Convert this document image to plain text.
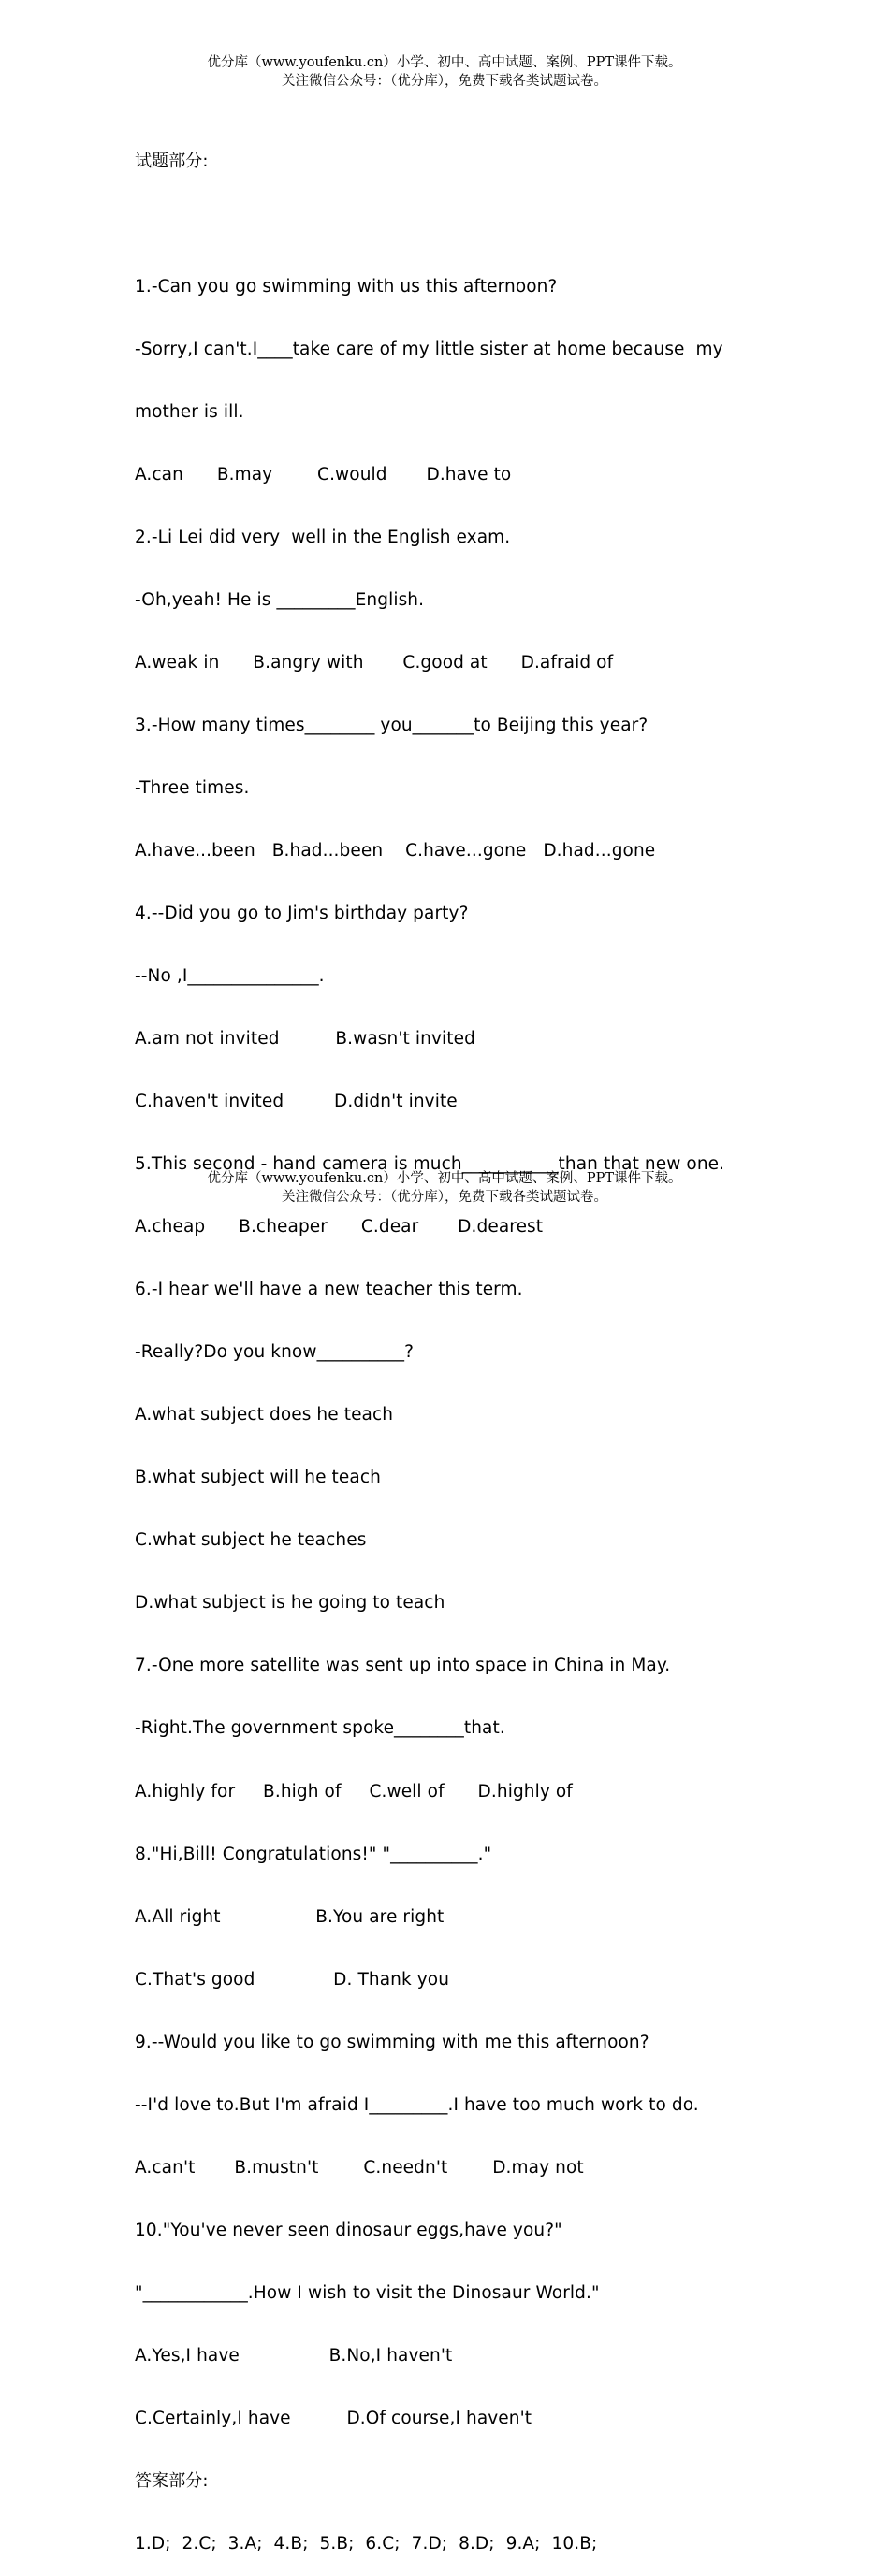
优分库（www.youfenku.cn）小学、初中、高中试题、案例、PPT课件下载。
关注微信公众号：（优分库），免费下载各类试题试卷。

试题部分:

1.-Can you go swimming with us this afternoon?

-Sorry,I can't.I____take care of my little sister at home because  my

mother is ill.

A.can      B.may        C.would       D.have to

2.-Li Lei did very  well in the English exam.

-Oh,yeah! He is _________English.

A.weak in      B.angry with       C.good at      D.afraid of

3.-How many times________ you_______to Beijing this year?

-Three times.

A.have...been   B.had...been    C.have...gone   D.had...gone

4.--Did you go to Jim's birthday party?

--No ,I_______________.

A.am not invited          B.wasn't invited

C.haven't invited         D.didn't invite

5.This second - hand camera is much___________than that new one.

A.cheap      B.cheaper      C.dear       D.dearest

6.-I hear we'll have a new teacher this term.

-Really?Do you know__________?

A.what subject does he teach

B.what subject will he teach

C.what subject he teaches

D.what subject is he going to teach

7.-One more satellite was sent up into space in China in May.

-Right.The government spoke________that.

A.highly for     B.high of     C.well of      D.highly of

8."Hi,Bill! Congratulations!" "__________."

A.All right                 B.You are right

C.That's good              D. Thank you

9.--Would you like to go swimming with me this afternoon?

--I'd love to.But I'm afraid I_________.I have too much work to do.

A.can't       B.mustn't        C.needn't        D.may not

10."You've never seen dinosaur eggs,have you?"

"____________.How I wish to visit the Dinosaur World."

A.Yes,I have                B.No,I haven't

C.Certainly,I have          D.Of course,I haven't

答案部分:

1.D;  2.C;  3.A;  4.B;  5.B;  6.C;  7.D;  8.D;  9.A;  10.B;

优分库（www.youfenku.cn）小学、初中、高中试题、案例、PPT课件下载。
关注微信公众号：（优分库），免费下载各类试题试卷。
